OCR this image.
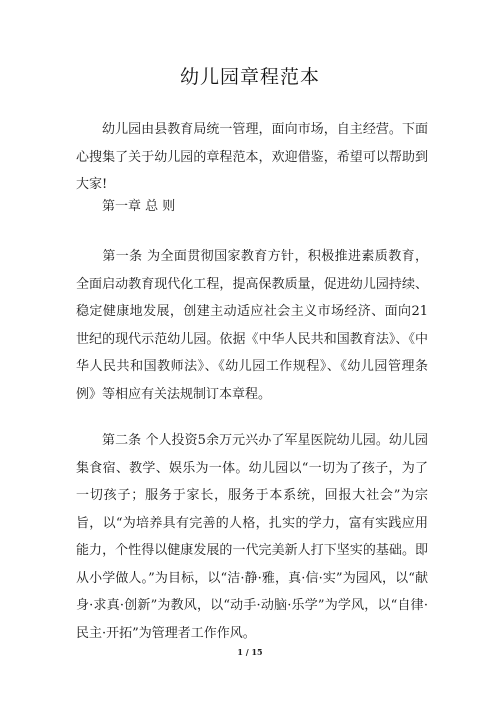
幼儿园章程范本
幼儿园由县教育局统一管理，面向市场，自主经营。下面心搜集了关于幼儿园的章程范本，欢迎借鉴，希望可以帮助到大家!
第一章 总 则
第一条 为全面贯彻国家教育方针，积极推进素质教育，全面启动教育现代化工程，提高保教质量，促进幼儿园持续、稳定健康地发展，创建主动适应社会主义市场经济、面向21世纪的现代示范幼儿园。依据《中华人民共和国教育法》、《中华人民共和国教师法》、《幼儿园工作规程》、《幼儿园管理条例》等相应有关法规制订本章程。
第二条 个人投资5余万元兴办了军星医院幼儿园。幼儿园集食宿、教学、娱乐为一体。幼儿园以“一切为了孩子，为了一切孩子；服务于家长，服务于本系统，回报大社会”为宗旨，以“为培养具有完善的人格，扎实的学力，富有实践应用能力，个性得以健康发展的一代完美新人打下坚实的基础。即从小学做人。”为目标，以“洁·静·雅，真·信·实”为园风，以“献身·求真·创新”为教风，以“动手·动脑·乐学”为学风，以“自律·民主·开拓”为管理者工作作风。
1 / 15
